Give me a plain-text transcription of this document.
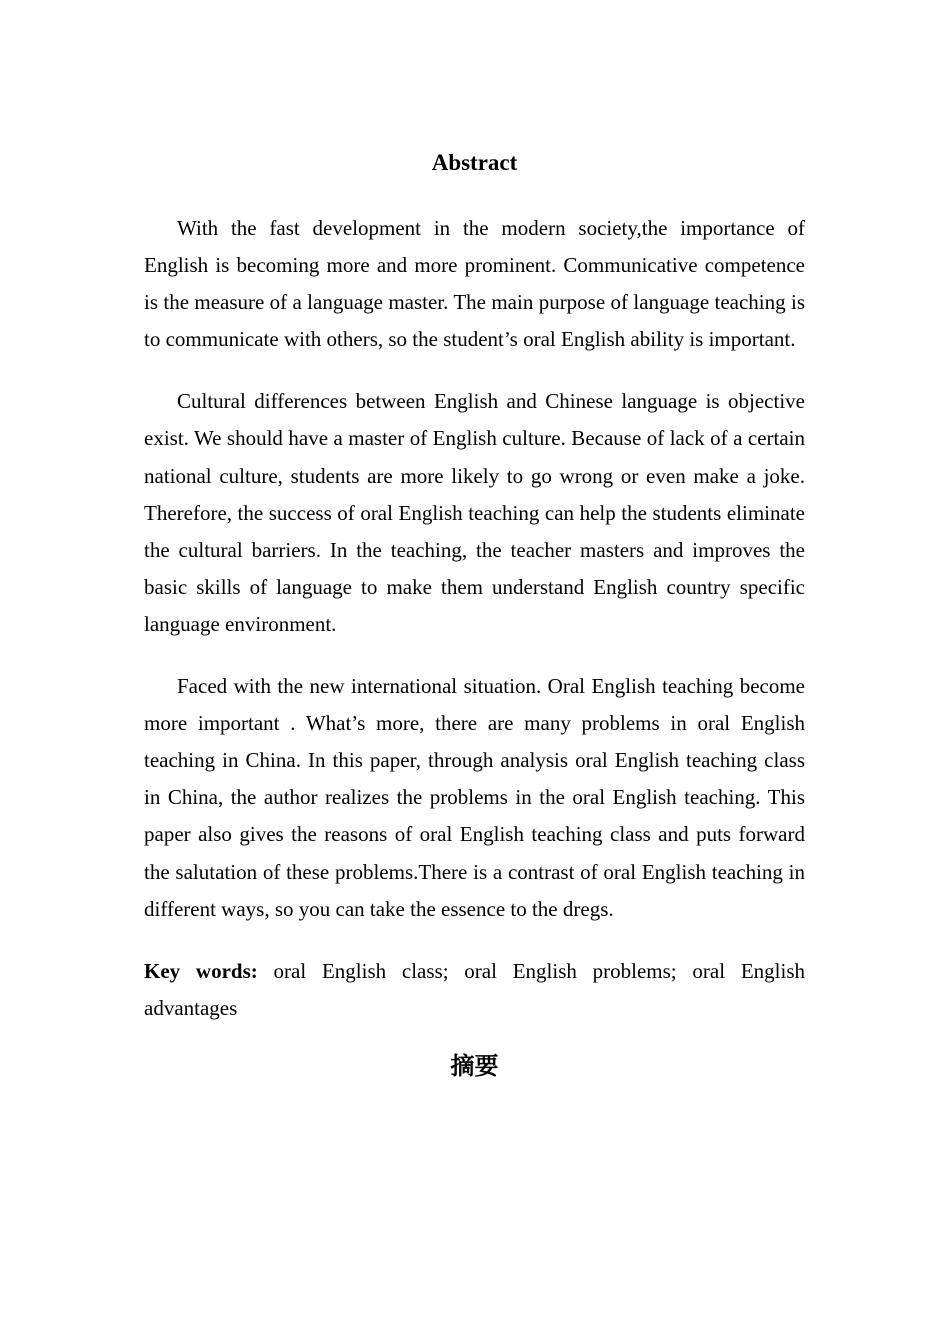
Abstract

With the fast development in the modern society,the importance of English is becoming more and more prominent. Communicative competence is the measure of a language master. The main purpose of language teaching is to communicate with others, so the student’s oral English ability is important.

Cultural differences between English and Chinese language is objective exist. We should have a master of English culture. Because of lack of a certain national culture, students are more likely to go wrong or even make a joke. Therefore, the success of oral English teaching can help the students eliminate the cultural barriers. In the teaching, the teacher masters and improves the basic skills of language to make them understand English country specific language environment.

Faced with the new international situation. Oral English teaching become more important . What’s more, there are many problems in oral English teaching in China. In this paper, through analysis oral English teaching class in China, the author realizes the problems in the oral English teaching. This paper also gives the reasons of oral English teaching class and puts forward the salutation of these problems.There is a contrast of oral English teaching in different ways, so you can take the essence to the dregs.

Key words: oral English class; oral English problems; oral English advantages

摘要
